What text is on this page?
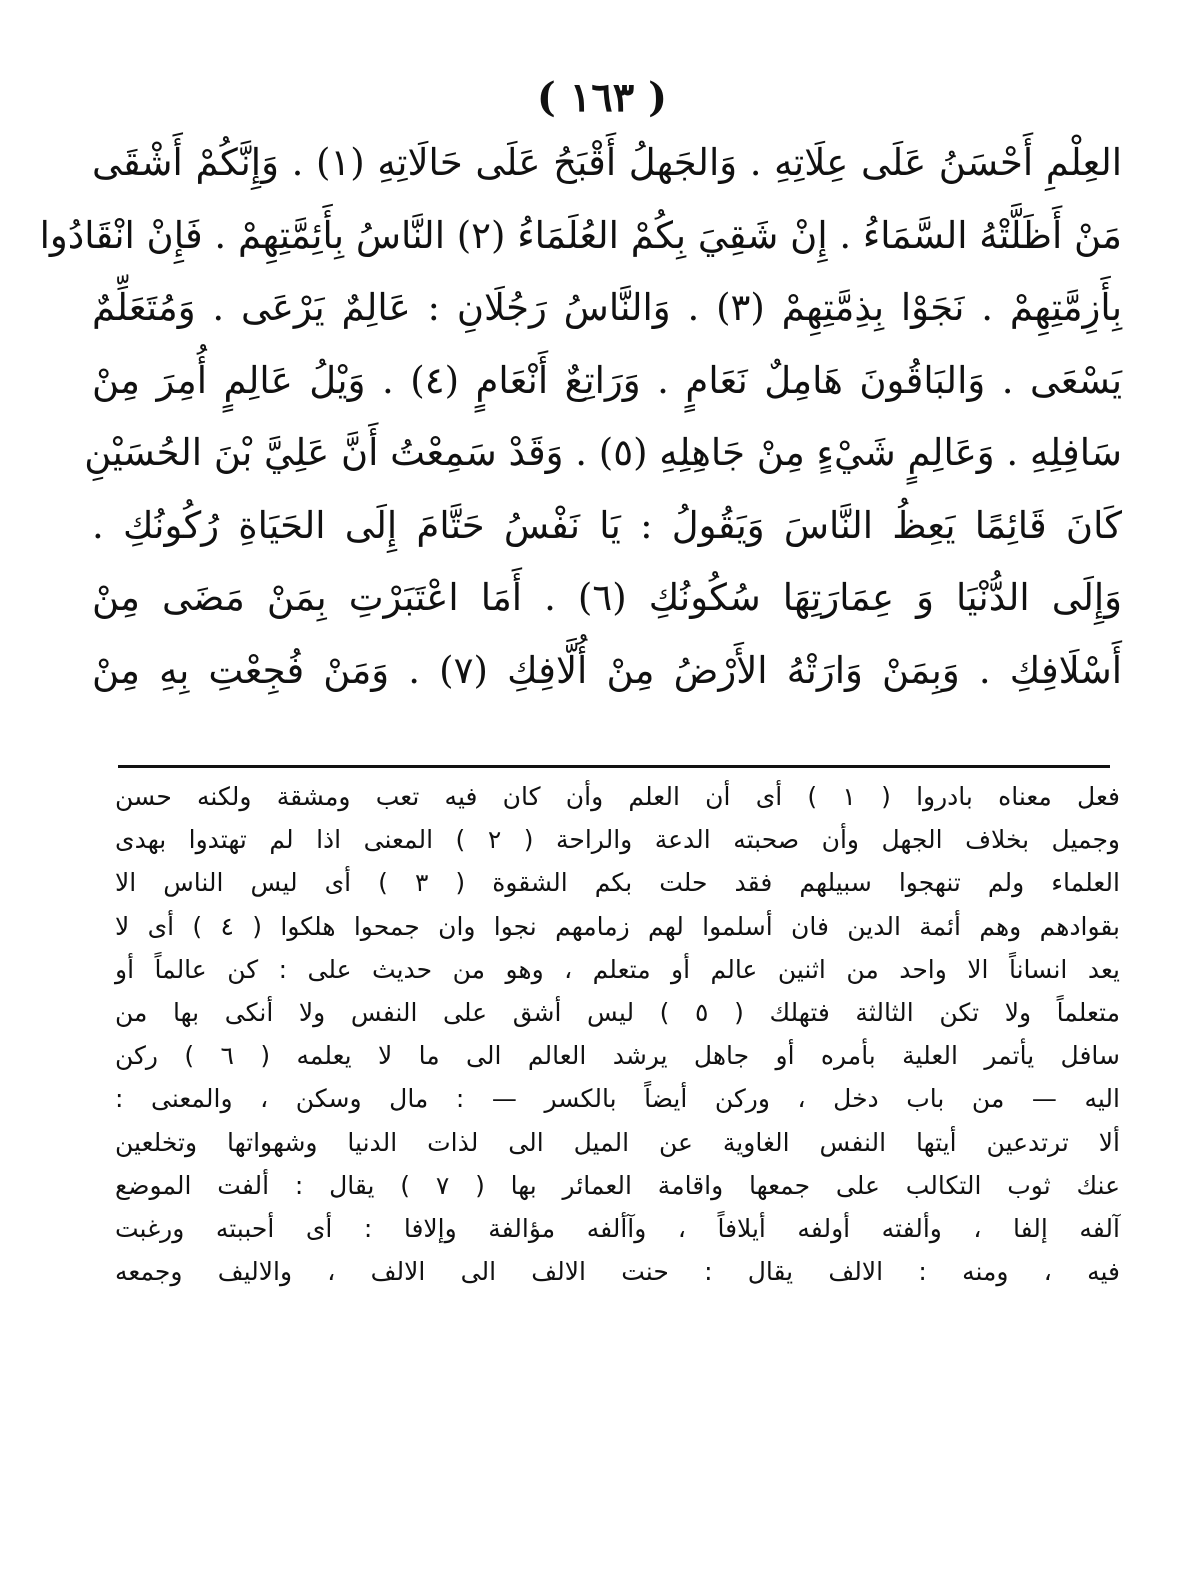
( ١٦٣ )
العِلْمِ أَحْسَنُ عَلَى عِلَاتِهِ . وَالجَهلُ أَقْبَحُ عَلَى حَالَاتِهِ (١) . وَإِنَّكُمْ أَشْقَى
مَنْ أَظَلَّتْهُ السَّمَاءُ . إِنْ شَقِيَ بِكُمْ العُلَمَاءُ (٢) النَّاسُ بِأَئِمَّتِهِمْ . فَإِنْ انْقَادُوا
بِأَزِمَّتِهِمْ . نَجَوْا بِذِمَّتِهِمْ (٣) . وَالنَّاسُ رَجُلَانِ : عَالِمٌ يَرْعَى . وَمُتَعَلِّمٌ
يَسْعَى . وَالبَاقُونَ هَامِلٌ نَعَامٍ . وَرَاتِعٌ أَنْعَامٍ (٤) . وَيْلُ عَالِمٍ أُمِرَ مِنْ
سَافِلِهِ . وَعَالِمٍ شَيْءٍ مِنْ جَاهِلِهِ (٥) . وَقَدْ سَمِعْتُ أَنَّ عَلِيَّ بْنَ الحُسَيْنِ
كَانَ قَائِمًا يَعِظُ النَّاسَ وَيَقُولُ : يَا نَفْسُ حَتَّامَ إِلَى الحَيَاةِ رُكُونُكِ .
وَإِلَى الدُّنْيَا وَ عِمَارَتِهَا سُكُونُكِ (٦) . أَمَا اعْتَبَرْتِ بِمَنْ مَضَى مِنْ
أَسْلَافِكِ . وَبِمَنْ وَارَتْهُ الأَرْضُ مِنْ أُلَّافِكِ (٧) . وَمَنْ فُجِعْتِ بِهِ مِنْ
فعل معناه بادروا ( ١ ) أى أن العلم وأن كان فيه تعب ومشقة ولكنه حسن
وجميل بخلاف الجهل وأن صحبته الدعة والراحة ( ٢ ) المعنى اذا لم تهتدوا بهدى
العلماء ولم تنهجوا سبيلهم فقد حلت بكم الشقوة ( ٣ ) أى ليس الناس الا
بقوادهم وهم أئمة الدين فان أسلموا لهم زمامهم نجوا وان جمحوا هلكوا ( ٤ ) أى لا
يعد انساناً الا واحد من اثنين عالم أو متعلم ، وهو من حديث على : كن عالماً أو
متعلماً ولا تكن الثالثة فتهلك ( ٥ ) ليس أشق على النفس ولا أنكى بها من
سافل يأتمر العلية بأمره أو جاهل يرشد العالم الى ما لا يعلمه ( ٦ ) ركن
اليه — من باب دخل ، وركن أيضاً بالكسر — : مال وسكن ، والمعنى :
ألا ترتدعين أيتها النفس الغاوية عن الميل الى لذات الدنيا وشهواتها وتخلعين
عنك ثوب التكالب على جمعها واقامة العمائر بها ( ٧ ) يقال : ألفت الموضع
آلفه إلفا ، وألفته أولفه أيلافاً ، وآألفه مؤالفة وإلافا : أى أحببته ورغبت
فيه ، ومنه : الالف يقال : حنت الالف الى الالف ، والاليف وجمعه
